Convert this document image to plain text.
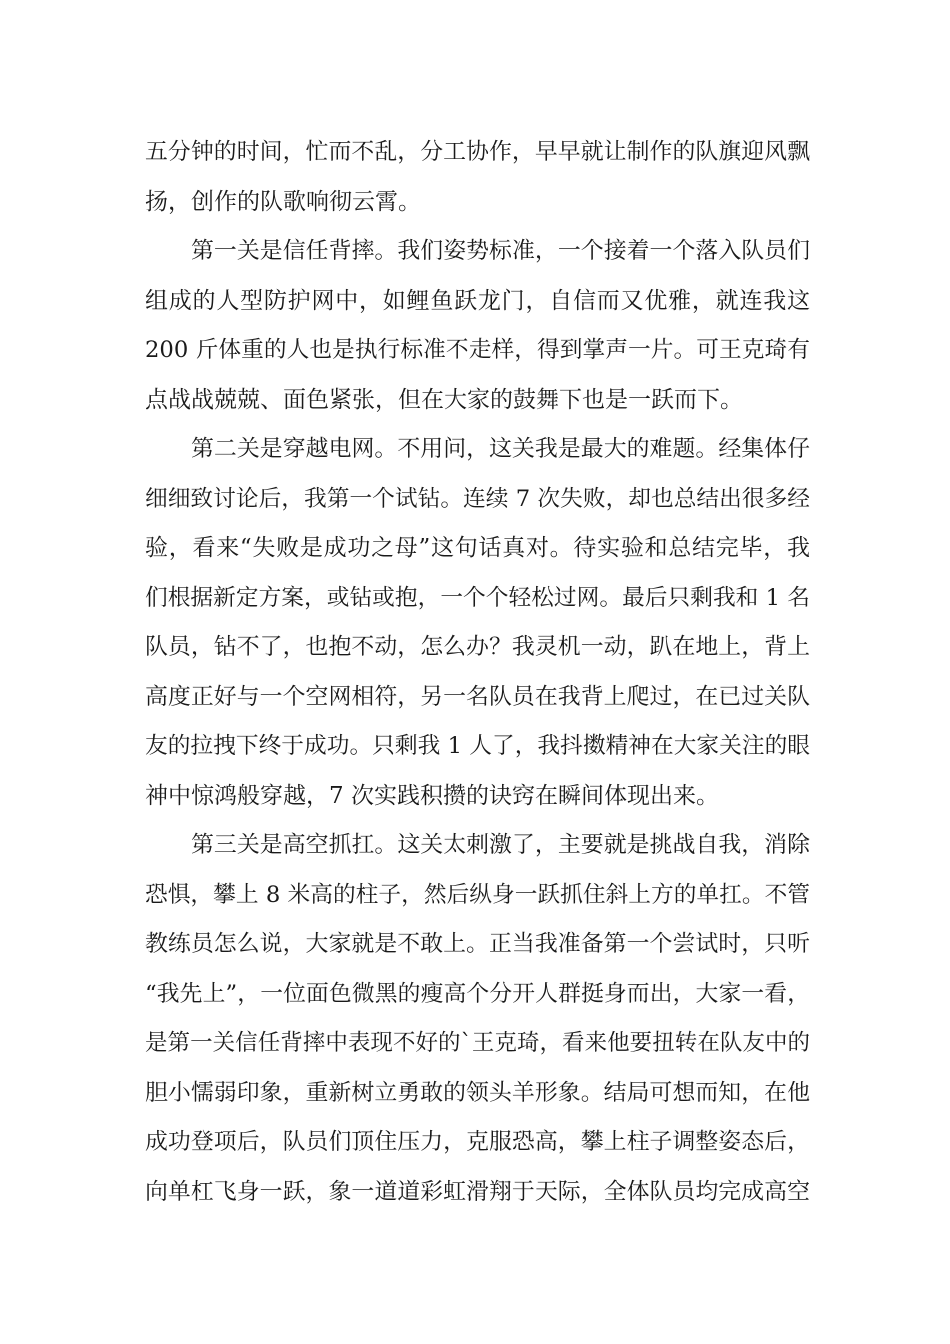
五分钟的时间，忙而不乱，分工协作，早早就让制作的队旗迎风飘
扬，创作的队歌响彻云霄。
第一关是信任背摔。我们姿势标准，一个接着一个落入队员们
组成的人型防护网中，如鲤鱼跃龙门，自信而又优雅，就连我这
200 斤体重的人也是执行标准不走样，得到掌声一片。可王克琦有
点战战兢兢、面色紧张，但在大家的鼓舞下也是一跃而下。
第二关是穿越电网。不用问，这关我是最大的难题。经集体仔
细细致讨论后，我第一个试钻。连续 7 次失败，却也总结出很多经
验，看来“失败是成功之母”这句话真对。待实验和总结完毕，我
们根据新定方案，或钻或抱，一个个轻松过网。最后只剩我和 1 名
队员，钻不了，也抱不动，怎么办？我灵机一动，趴在地上，背上
高度正好与一个空网相符，另一名队员在我背上爬过，在已过关队
友的拉拽下终于成功。只剩我 1 人了，我抖擞精神在大家关注的眼
神中惊鸿般穿越，7 次实践积攒的诀窍在瞬间体现出来。
第三关是高空抓扛。这关太刺激了，主要就是挑战自我，消除
恐惧，攀上 8 米高的柱子，然后纵身一跃抓住斜上方的单扛。不管
教练员怎么说，大家就是不敢上。正当我准备第一个尝试时，只听
“我先上”，一位面色微黑的瘦高个分开人群挺身而出，大家一看，
是第一关信任背摔中表现不好的`王克琦，看来他要扭转在队友中的
胆小懦弱印象，重新树立勇敢的领头羊形象。结局可想而知，在他
成功登项后，队员们顶住压力，克服恐高，攀上柱子调整姿态后，
向单杠飞身一跃，象一道道彩虹滑翔于天际，全体队员均完成高空
